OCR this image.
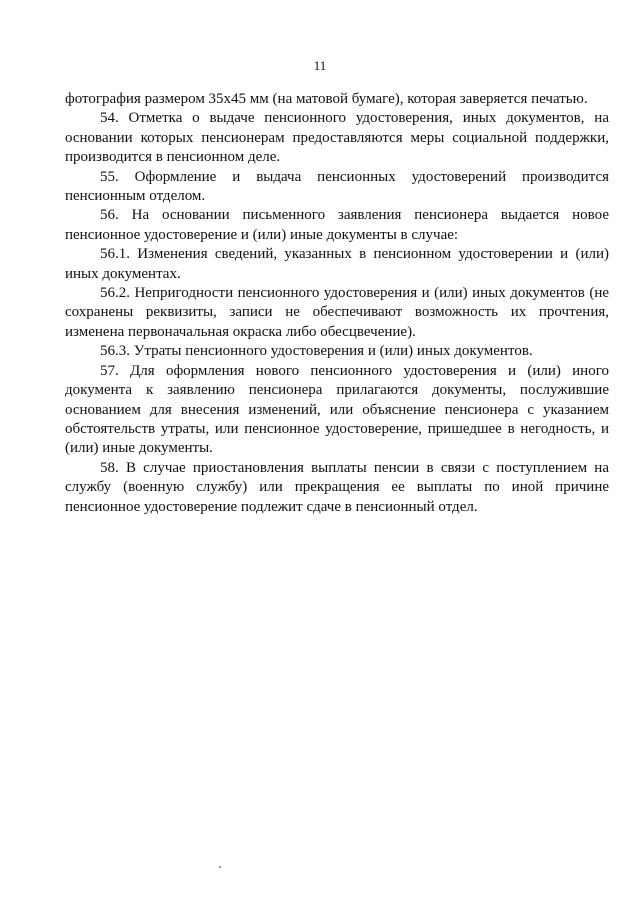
11

фотография размером 35х45 мм (на матовой бумаге), которая заверяется печатью.

54. Отметка о выдаче пенсионного удостоверения, иных документов, на основании которых пенсионерам предоставляются меры социальной поддержки, производится в пенсионном деле.

55. Оформление и выдача пенсионных удостоверений производится пенсионным отделом.

56. На основании письменного заявления пенсионера выдается новое пенсионное удостоверение и (или) иные документы в случае:

56.1. Изменения сведений, указанных в пенсионном удостоверении и (или) иных документах.

56.2. Непригодности пенсионного удостоверения и (или) иных документов (не сохранены реквизиты, записи не обеспечивают возможность их прочтения, изменена первоначальная окраска либо обесцвечение).

56.3. Утраты пенсионного удостоверения и (или) иных документов.

57. Для оформления нового пенсионного удостоверения и (или) иного документа к заявлению пенсионера прилагаются документы, послужившие основанием для внесения изменений, или объяснение пенсионера с указанием обстоятельств утраты, или пенсионное удостоверение, пришедшее в негодность, и (или) иные документы.

58. В случае приостановления выплаты пенсии в связи с поступлением на службу (военную службу) или прекращения ее выплаты по иной причине пенсионное удостоверение подлежит сдаче в пенсионный отдел.
